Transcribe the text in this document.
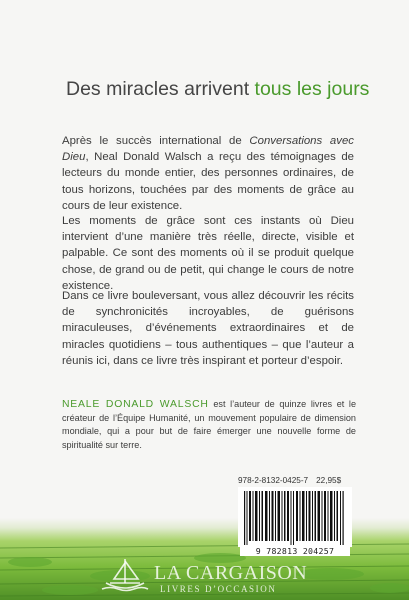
Des miracles arrivent tous les jours

Après le succès international de Conversations avec Dieu, Neal Donald Walsch a reçu des témoignages de lecteurs du monde entier, des personnes ordinaires, de tous horizons, touchées par des moments de grâce au cours de leur existence.

Les moments de grâce sont ces instants où Dieu intervient d’une manière très réelle, directe, visible et palpable. Ce sont des moments où il se produit quelque chose, de grand ou de petit, qui change le cours de notre existence.

Dans ce livre bouleversant, vous allez découvrir les récits de synchronicités incroyables, de guérisons miraculeuses, d’événements extraordinaires et de miracles quotidiens – tous authentiques – que l’auteur a réunis ici, dans ce livre très inspirant et porteur d’espoir.

NEALE DONALD WALSCH est l’auteur de quinze livres et le créateur de l’Équipe Humanité, un mouvement populaire de dimension mondiale, qui a pour but de faire émerger une nouvelle forme de spiritualité sur terre.

978-2-8132-0425-7 22,95$
9 782813 204257
LA CARGAISON
LIVRES D’OCCASION
